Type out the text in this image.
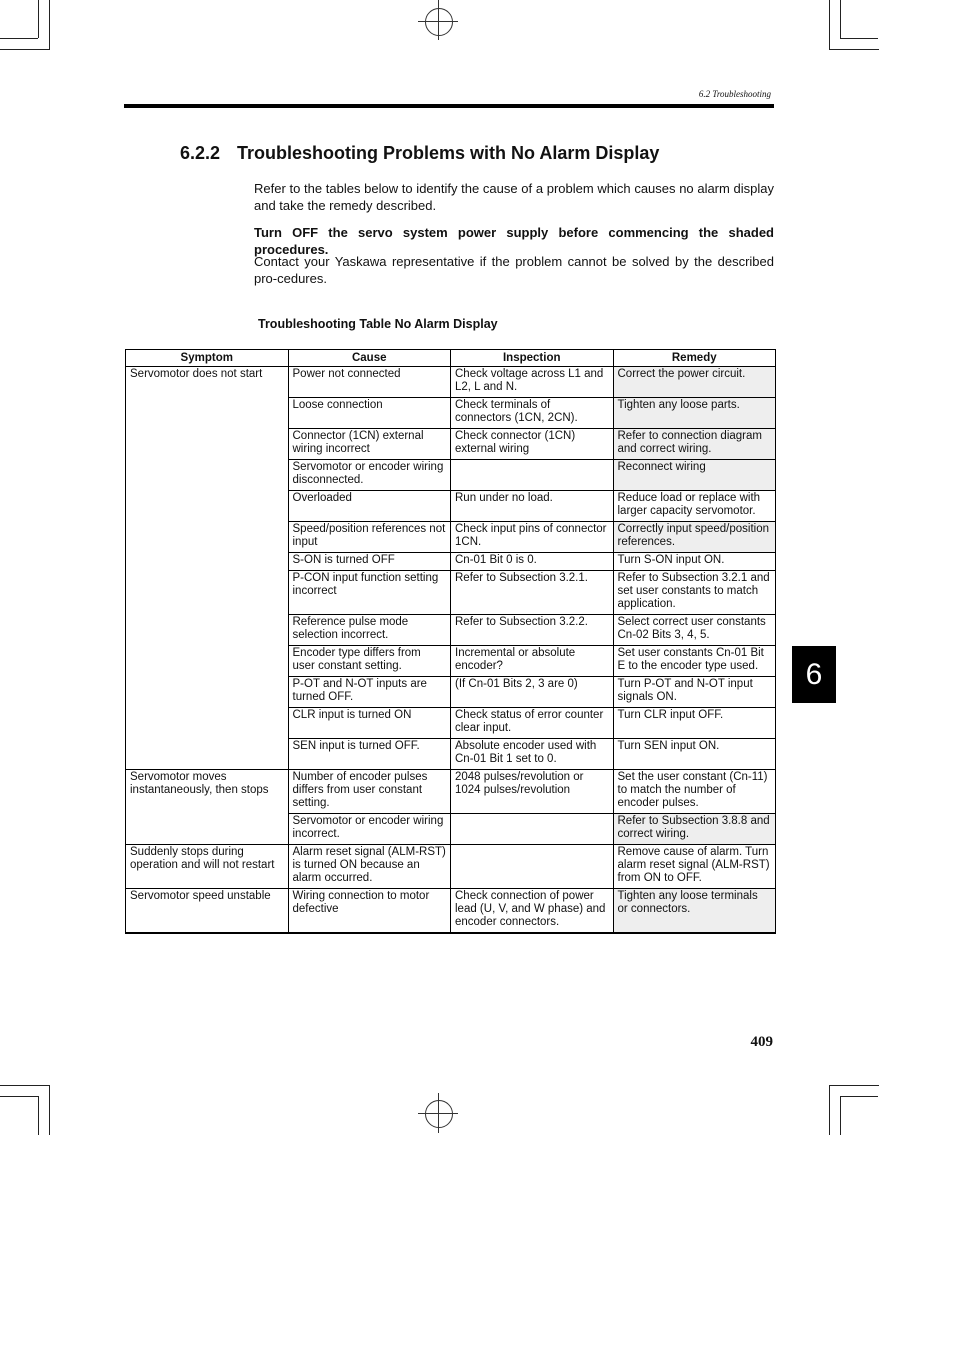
6.2 Troubleshooting
6.2.2 Troubleshooting Problems with No Alarm Display

Refer to the tables below to identify the cause of a problem which causes no alarm display and take the remedy described.

Turn OFF the servo system power supply before commencing the shaded procedures.

Contact your Yaskawa representative if the problem cannot be solved by the described pro-cedures.

Troubleshooting Table No Alarm Display

Symptom	Cause	Inspection	Remedy
Servomotor does not start	Power not connected	Check voltage across L1 and L2, L and N.	Correct the power circuit.
	Loose connection	Check terminals of connectors (1CN, 2CN).	Tighten any loose parts.
	Connector (1CN) external wiring incorrect	Check connector (1CN) external wiring	Refer to connection diagram and correct wiring.
	Servomotor or encoder wiring disconnected.		Reconnect wiring
	Overloaded	Run under no load.	Reduce load or replace with larger capacity servomotor.
	Speed/position references not input	Check input pins of connector 1CN.	Correctly input speed/position references.
	S-ON is turned OFF	Cn-01 Bit 0 is 0.	Turn S-ON input ON.
	P-CON input function setting incorrect	Refer to Subsection 3.2.1.	Refer to Subsection 3.2.1 and set user constants to match application.
	Reference pulse mode selection incorrect.	Refer to Subsection 3.2.2.	Select correct user constants Cn-02 Bits 3, 4, 5.
	Encoder type differs from user constant setting.	Incremental or absolute encoder?	Set user constants Cn-01 Bit E to the encoder type used.
	P-OT and N-OT inputs are turned OFF.	(If Cn-01 Bits 2, 3 are 0)	Turn P-OT and N-OT input signals ON.
	CLR input is turned ON	Check status of error counter clear input.	Turn CLR input OFF.
	SEN input is turned OFF.	Absolute encoder used with Cn-01 Bit 1 set to 0.	Turn SEN input ON.
Servomotor moves instantaneously, then stops	Number of encoder pulses differs from user constant setting.	2048 pulses/revolution or 1024 pulses/revolution	Set the user constant (Cn-11) to match the number of encoder pulses.
	Servomotor or encoder wiring incorrect.		Refer to Subsection 3.8.8 and correct wiring.
Suddenly stops during operation and will not restart	Alarm reset signal (ALM-RST) is turned ON because an alarm occurred.		Remove cause of alarm. Turn alarm reset signal (ALM-RST) from ON to OFF.
Servomotor speed unstable	Wiring connection to motor defective	Check connection of power lead (U, V, and W phase) and encoder connectors.	Tighten any loose terminals or connectors.
6
409
